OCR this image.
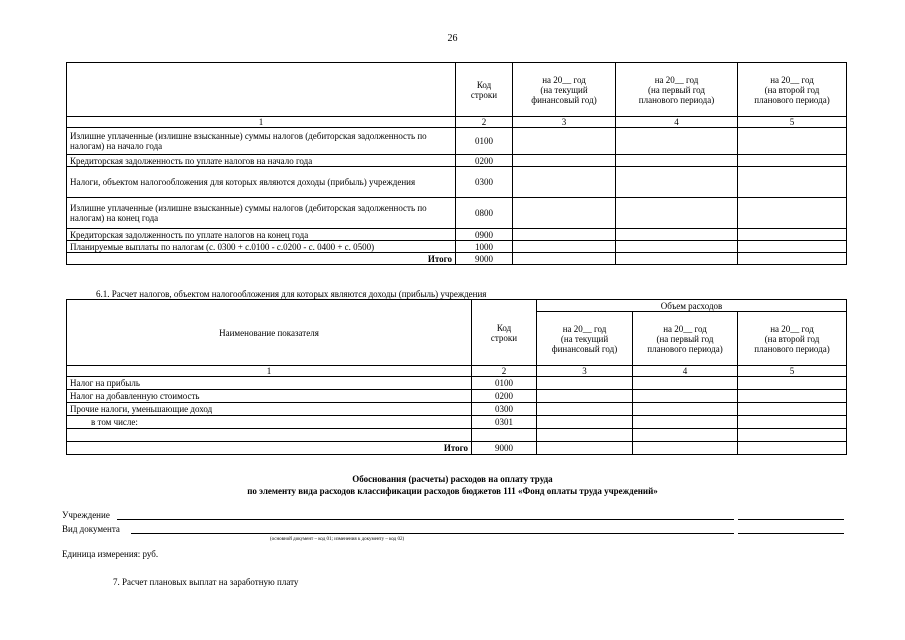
26
	Код
строки	на 20__ год
(на текущий
финансовый год)	на 20__ год
(на первый год
планового периода)	на 20__ год
(на второй год
планового периода)
1	2	3	4	5
Излишне уплаченные (излишне взысканные) суммы налогов (дебиторская задолженность по налогам) на начало года	0100			
Кредиторская задолженность по уплате налогов на начало года	0200			
Налоги, объектом налогообложения для которых являются доходы (прибыль) учреждения	0300			
Излишне уплаченные (излишне взысканные) суммы налогов (дебиторская задолженность по налогам) на конец года	0800			
Кредиторская задолженность по уплате налогов на конец года	0900			
Планируемые выплаты по налогам (с. 0300 + с.0100 - с.0200 - с. 0400 + с. 0500)	1000			
Итого	9000			
6.1. Расчет налогов, объектом налогообложения для которых являются доходы (прибыль) учреждения
Наименование показателя	Код
строки	Объем расходов		
		на 20__ год
(на текущий
финансовый год)	на 20__ год
(на первый год
планового периода)	на 20__ год
(на второй год
планового периода)
1	2	3	4	5
Налог на прибыль	0100			
Налог на добавленную стоимость	0200			
Прочие налоги, уменьшающие доход	0300			
в том числе:	0301			

Итого	9000			
Обоснования (расчеты) расходов на оплату труда
по элементу вида расходов классификации расходов бюджетов 111 «Фонд оплаты труда учреждений»
Учреждение
Вид документа
(основной документ – код 01; изменения к документу – код 02)
Единица измерения: руб.
7. Расчет плановых выплат на заработную плату
